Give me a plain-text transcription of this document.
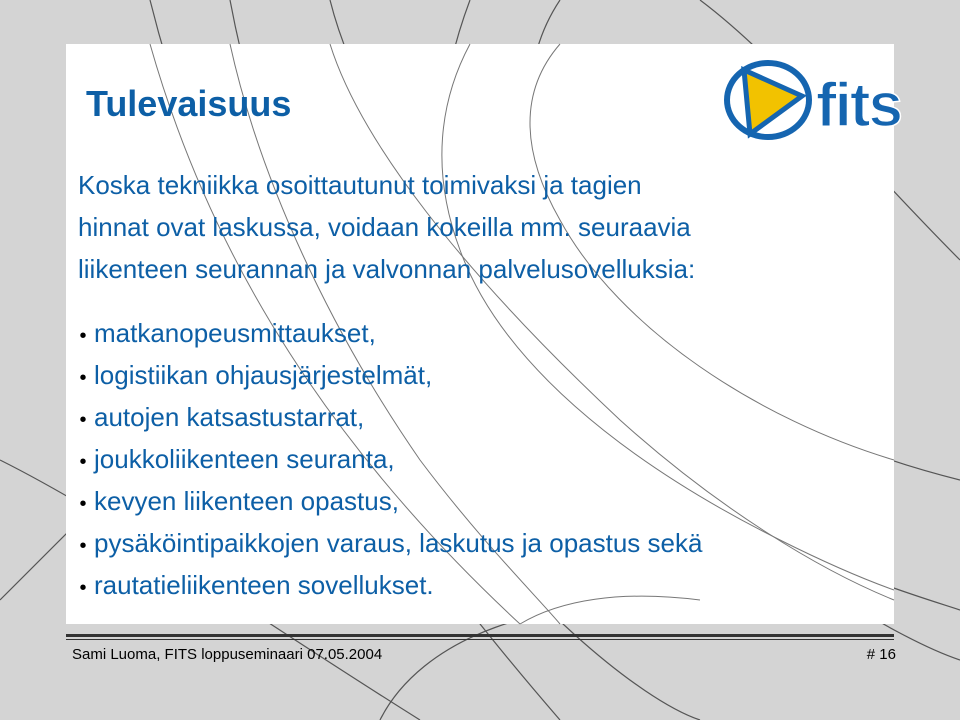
fits
Tulevaisuus
Koska tekniikka osoittautunut toimivaksi ja tagien
hinnat ovat laskussa, voidaan kokeilla mm. seuraavia
liikenteen seurannan ja valvonnan palvelusovelluksia:
• matkanopeusmittaukset,
• logistiikan ohjausjärjestelmät,
• autojen katsastustarrat,
• joukkoliikenteen seuranta,
• kevyen liikenteen opastus,
• pysäköintipaikkojen varaus, laskutus ja opastus sekä
• rautatieliikenteen sovellukset.
Sami Luoma, FITS loppuseminaari 07.05.2004	# 16
